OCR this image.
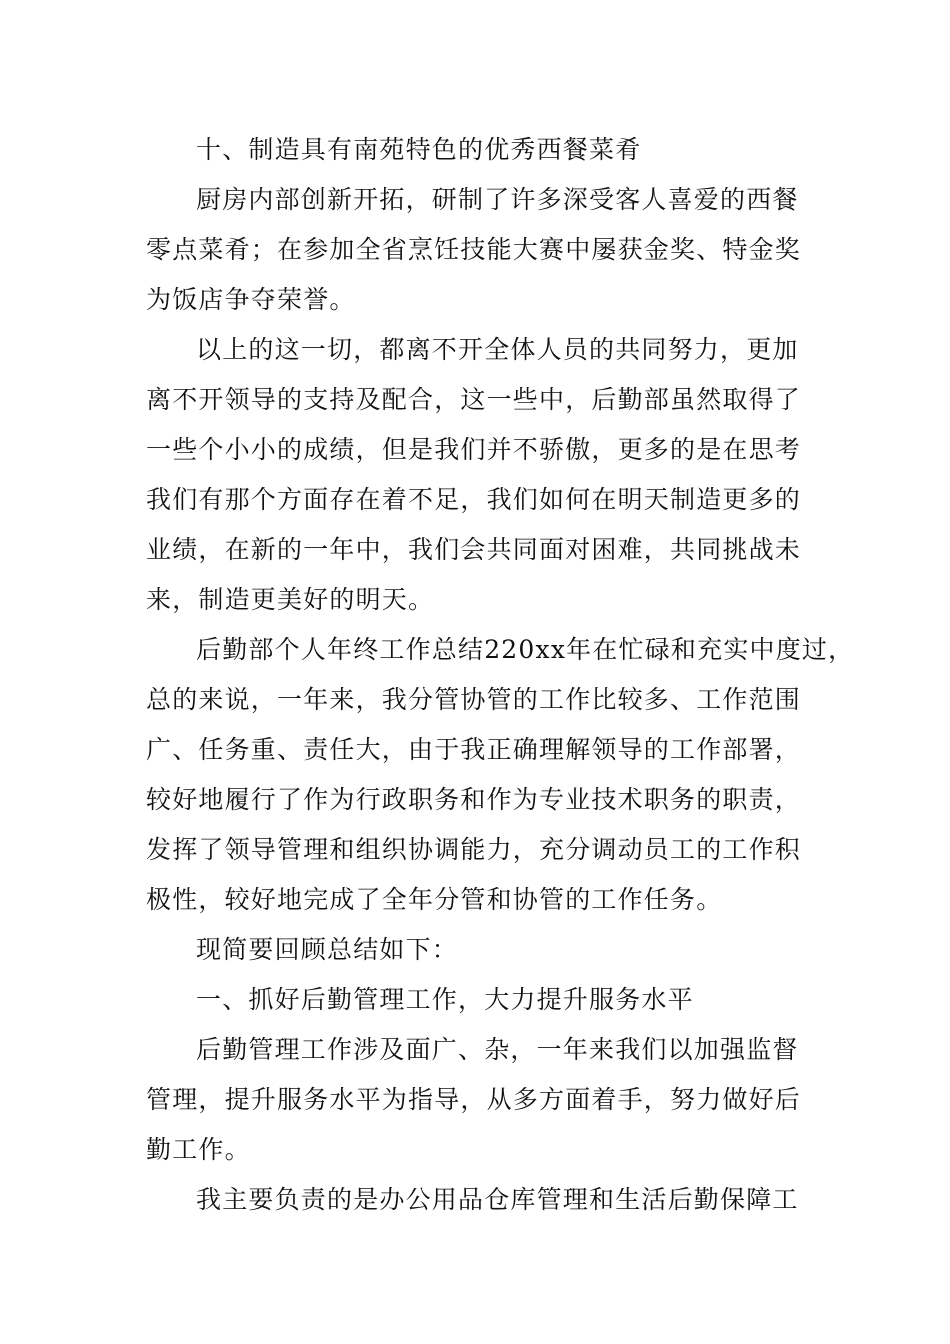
十、制造具有南苑特色的优秀西餐菜肴

厨房内部创新开拓，研制了许多深受客人喜爱的西餐

零点菜肴；在参加全省烹饪技能大赛中屡获金奖、特金奖

为饭店争夺荣誉。

以上的这一切，都离不开全体人员的共同努力，更加

离不开领导的支持及配合，这一些中，后勤部虽然取得了

一些个小小的成绩，但是我们并不骄傲，更多的是在思考

我们有那个方面存在着不足，我们如何在明天制造更多的

业绩，在新的一年中，我们会共同面对困难，共同挑战未

来，制造更美好的明天。

后勤部个人年终工作总结220xx年在忙碌和充实中度过，

总的来说，一年来，我分管协管的工作比较多、工作范围

广、任务重、责任大，由于我正确理解领导的工作部署，

较好地履行了作为行政职务和作为专业技术职务的职责，

发挥了领导管理和组织协调能力，充分调动员工的工作积

极性，较好地完成了全年分管和协管的工作任务。

现简要回顾总结如下：

一、抓好后勤管理工作，大力提升服务水平

后勤管理工作涉及面广、杂，一年来我们以加强监督

管理，提升服务水平为指导，从多方面着手，努力做好后

勤工作。

我主要负责的是办公用品仓库管理和生活后勤保障工
